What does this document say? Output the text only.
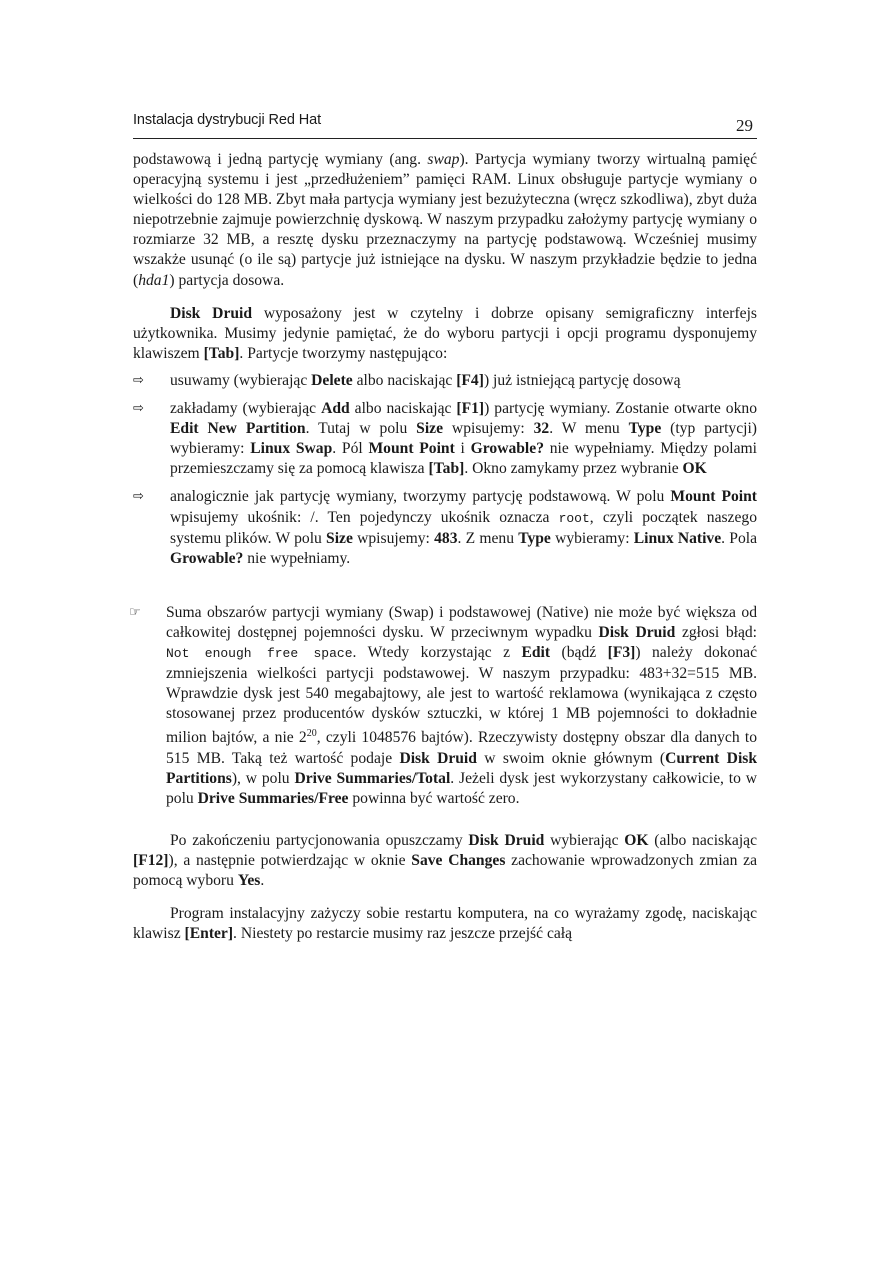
Instalacja dystrybucji Red Hat	29

podstawową i jedną partycję wymiany (ang. swap). Partycja wymiany tworzy wirtualną pamięć operacyjną systemu i jest „przedłużeniem” pamięci RAM. Linux obsługuje partycje wymiany o wielkości do 128 MB. Zbyt mała partycja wymiany jest bezużyteczna (wręcz szkodliwa), zbyt duża niepotrzebnie zajmuje powierzchnię dyskową. W naszym przypadku założymy partycję wymiany o rozmiarze 32 MB, a resztę dysku przeznaczymy na partycję podstawową. Wcześniej musimy wszakże usunąć (o ile są) partycje już istniejące na dysku. W naszym przykładzie będzie to jedna (hda1) partycja dosowa.

Disk Druid wyposażony jest w czytelny i dobrze opisany semigraficzny interfejs użytkownika. Musimy jedynie pamiętać, że do wyboru partycji i opcji programu dysponujemy klawiszem [Tab]. Partycje tworzymy następująco:

⇨	usuwamy (wybierając Delete albo naciskając [F4]) już istniejącą partycję dosową
⇨	zakładamy (wybierając Add albo naciskając [F1]) partycję wymiany. Zostanie otwarte okno Edit New Partition. Tutaj w polu Size wpisujemy: 32. W menu Type (typ partycji) wybieramy: Linux Swap. Pól Mount Point i Growable? nie wypełniamy. Między polami przemieszczamy się za pomocą klawisza [Tab]. Okno zamykamy przez wybranie OK
⇨	analogicznie jak partycję wymiany, tworzymy partycję podstawową. W polu Mount Point wpisujemy ukośnik: /. Ten pojedynczy ukośnik oznacza root, czyli początek naszego systemu plików. W polu Size wpisujemy: 483. Z menu Type wybieramy: Linux Native. Pola Growable? nie wypełniamy.
☞	Suma obszarów partycji wymiany (Swap) i podstawowej (Native) nie może być większa od całkowitej dostępnej pojemności dysku. W przeciwnym wypadku Disk Druid zgłosi błąd: Not enough free space. Wtedy korzystając z Edit (bądź [F3]) należy dokonać zmniejszenia wielkości partycji podstawowej. W naszym przypadku: 483+32=515 MB. Wprawdzie dysk jest 540 megabajtowy, ale jest to wartość reklamowa (wynikająca z często stosowanej przez producentów dysków sztuczki, w której 1 MB pojemności to dokładnie milion bajtów, a nie $2^{20}$, czyli 1048576 bajtów). Rzeczywisty dostępny obszar dla danych to 515 MB. Taką też wartość podaje Disk Druid w swoim oknie głównym (Current Disk Partitions), w polu Drive Summaries/Total. Jeżeli dysk jest wykorzystany całkowicie, to w polu Drive Summaries/Free powinna być wartość zero.

Po zakończeniu partycjonowania opuszczamy Disk Druid wybierając OK (albo naciskając [F12]), a następnie potwierdzając w oknie Save Changes zachowanie wprowadzonych zmian za pomocą wyboru Yes.

Program instalacyjny zażyczy sobie restartu komputera, na co wyrażamy zgodę, naciskając klawisz [Enter]. Niestety po restarcie musimy raz jeszcze przejść całą
